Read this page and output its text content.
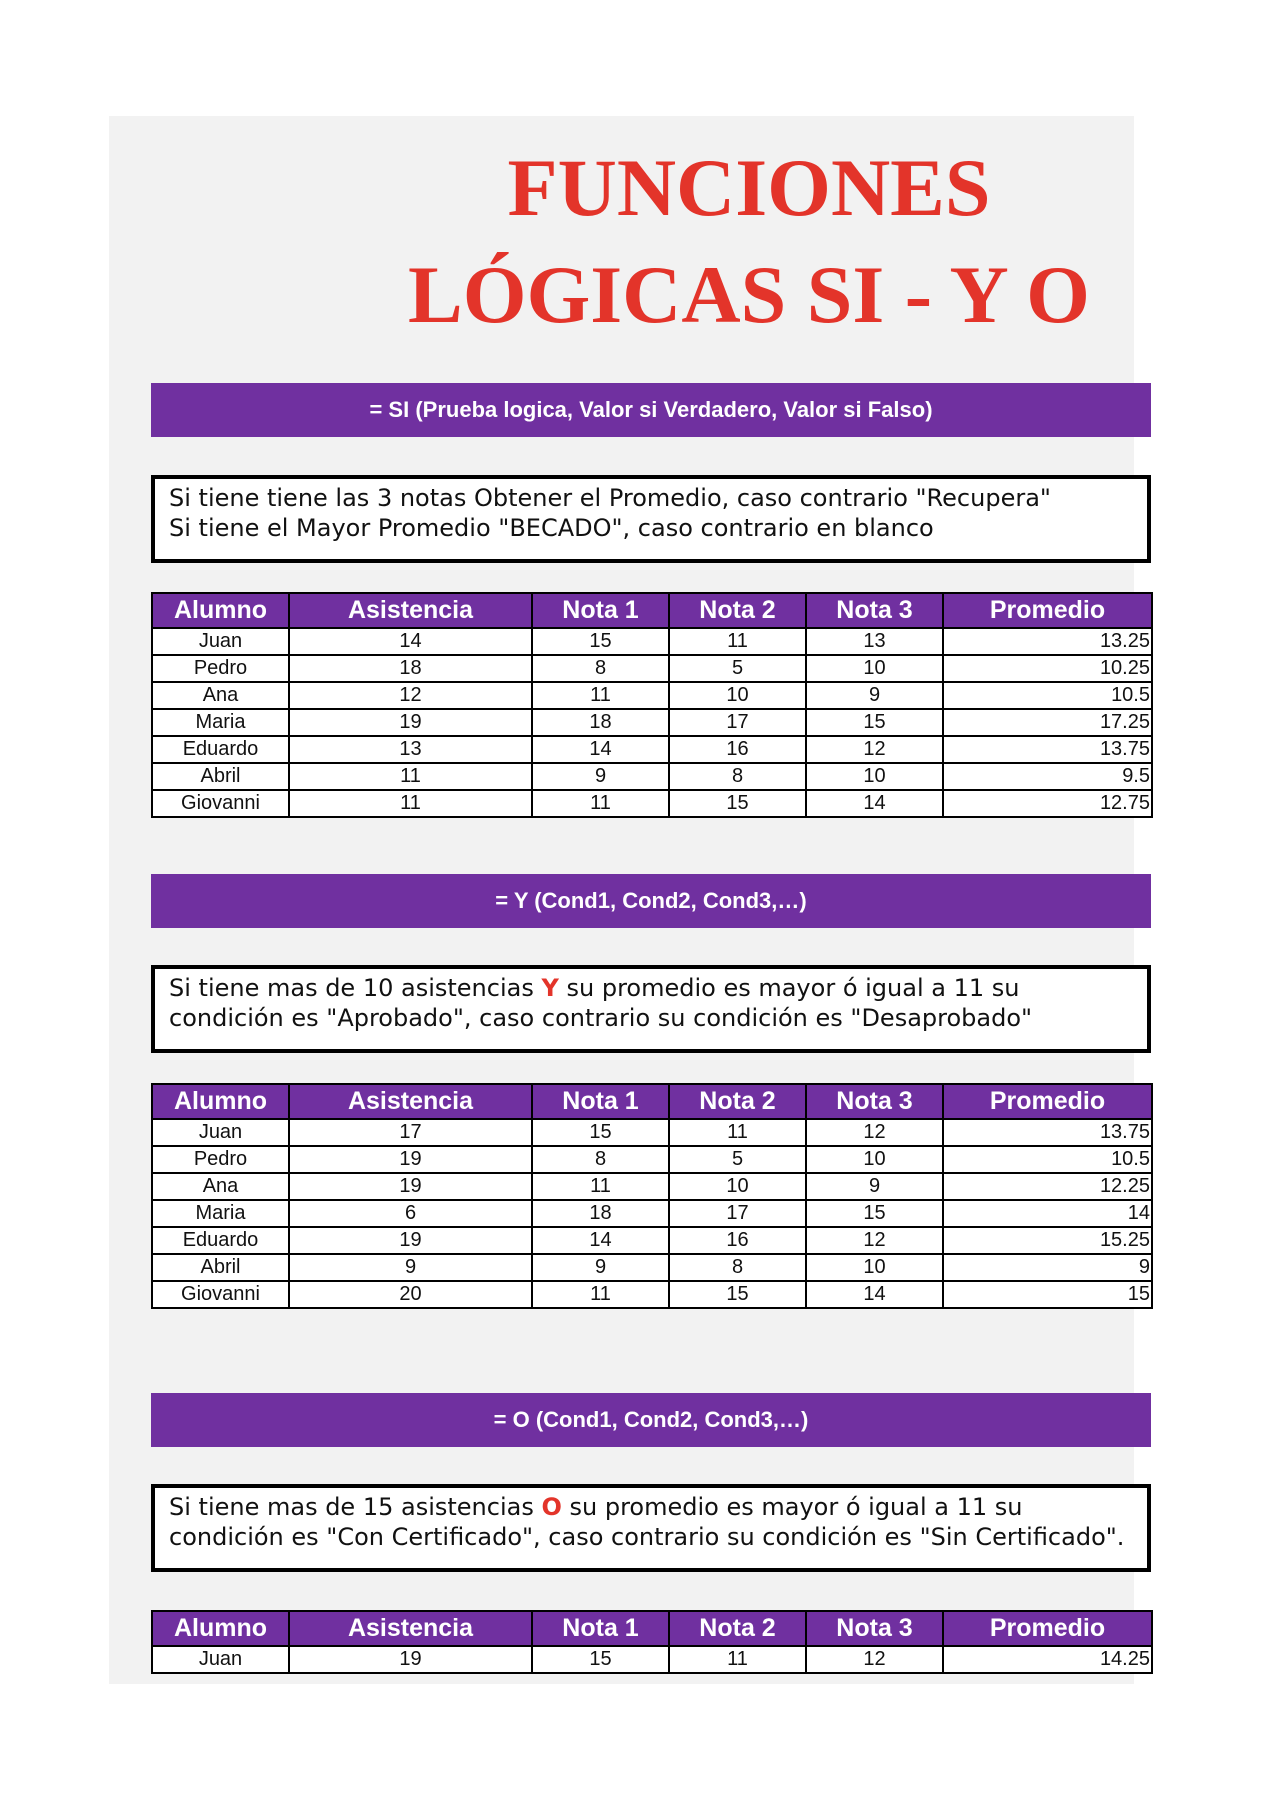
FUNCIONES LÓGICAS SI - Y O
= SI (Prueba logica, Valor si Verdadero, Valor si Falso)
Si tiene tiene las 3 notas Obtener el Promedio, caso contrario "Recupera"
Si tiene el Mayor Promedio "BECADO", caso contrario en blanco
Alumno	Asistencia	Nota 1	Nota 2	Nota 3	Promedio
Juan	14	15	11	13	13.25
Pedro	18	8	5	10	10.25
Ana	12	11	10	9	10.5
Maria	19	18	17	15	17.25
Eduardo	13	14	16	12	13.75
Abril	11	9	8	10	9.5
Giovanni	11	11	15	14	12.75
= Y (Cond1, Cond2, Cond3,…)
Si tiene mas de 10 asistencias Y su promedio es mayor ó igual a 11 su condición es "Aprobado", caso contrario su condición es "Desaprobado"
Alumno	Asistencia	Nota 1	Nota 2	Nota 3	Promedio
Juan	17	15	11	12	13.75
Pedro	19	8	5	10	10.5
Ana	19	11	10	9	12.25
Maria	6	18	17	15	14
Eduardo	19	14	16	12	15.25
Abril	9	9	8	10	9
Giovanni	20	11	15	14	15
= O (Cond1, Cond2, Cond3,…)
Si tiene mas de 15 asistencias O su promedio es mayor ó igual a 11 su condición es "Con Certificado", caso contrario su condición es "Sin Certificado".
Alumno	Asistencia	Nota 1	Nota 2	Nota 3	Promedio
Juan	19	15	11	12	14.25
